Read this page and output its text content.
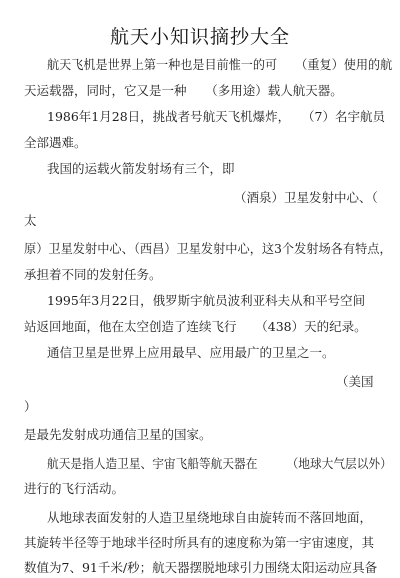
航天小知识摘抄大全
航天飞机是世界上第一种也是目前惟一的可　　（重复）使用的航
天运载器，同时，它又是一种　　（多用途）载人航天器。
1986年1月28日，挑战者号航天飞机爆炸， （7）名宇航员
全部遇难。
我国的运载火箭发射场有三个，即
（酒泉）卫星发射中心、（
太
原）卫星发射中心、（西昌）卫星发射中心，这3个发射场各有特点，
承担着不同的发射任务。
1995年3月22日，俄罗斯宇航员波利亚科夫从和平号空间
站返回地面，他在太空创造了连续飞行　　（438）天的纪录。
通信卫星是世界上应用最早、应用最广的卫星之一。
（美国
）
是最先发射成功通信卫星的国家。
航天是指人造卫星、宇宙飞船等航天器在　　　（地球大气层以外）
进行的飞行活动。
从地球表面发射的人造卫星绕地球自由旋转而不落回地面，
其旋转半径等于地球半径时所具有的速度称为第一宇宙速度，其
数值为7、91千米/秒；航天器摆脱地球引力围绕太阳运动应具备
